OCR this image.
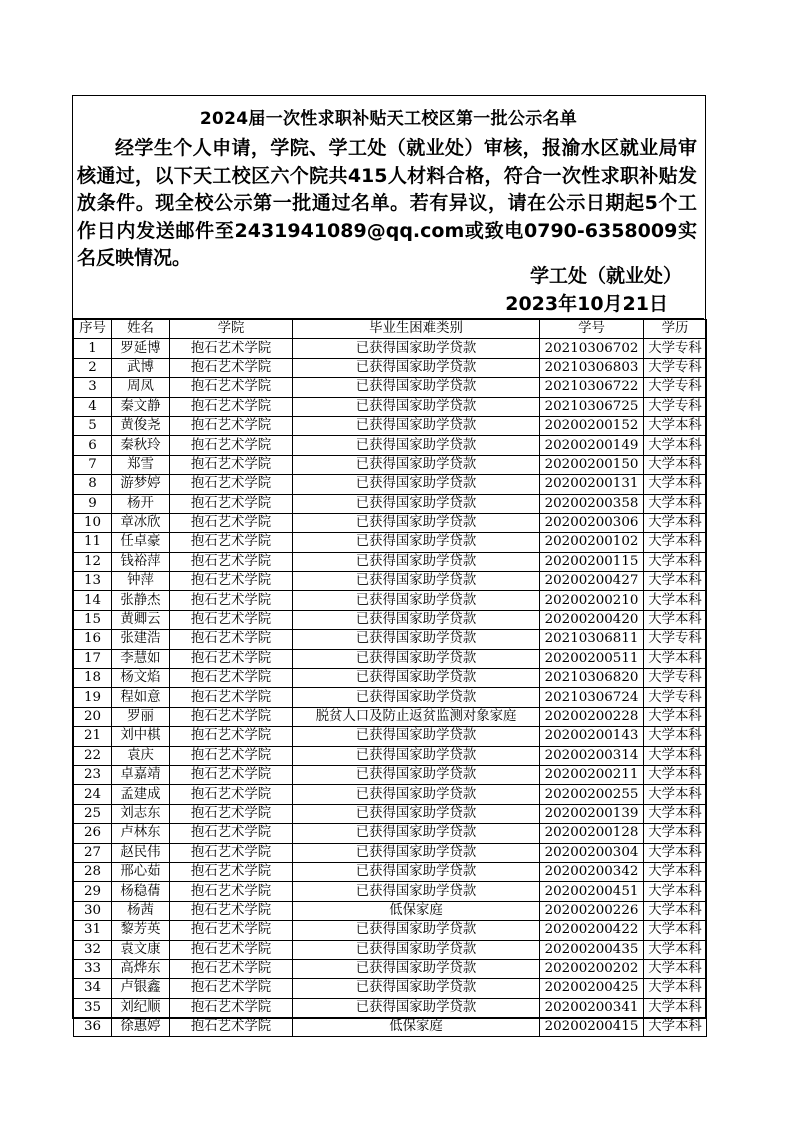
2024届一次性求职补贴天工校区第一批公示名单
经学生个人申请，学院、学工处（就业处）审核，报渝水区就业局审核通过，以下天工校区六个院共415人材料合格，符合一次性求职补贴发放条件。现全校公示第一批通过名单。若有异议，请在公示日期起5个工作日内发送邮件至2431941089@qq.com或致电0790-6358009实名反映情况。
学工处（就业处）
2023年10月21日
序号	姓名	学院	毕业生困难类别	学号	学历
1	罗延博	抱石艺术学院	已获得国家助学贷款	20210306702	大学专科
2	武博	抱石艺术学院	已获得国家助学贷款	20210306803	大学专科
3	周凤	抱石艺术学院	已获得国家助学贷款	20210306722	大学专科
4	秦文静	抱石艺术学院	已获得国家助学贷款	20210306725	大学专科
5	黄俊尧	抱石艺术学院	已获得国家助学贷款	20200200152	大学本科
6	秦秋玲	抱石艺术学院	已获得国家助学贷款	20200200149	大学本科
7	郑雪	抱石艺术学院	已获得国家助学贷款	20200200150	大学本科
8	游梦婷	抱石艺术学院	已获得国家助学贷款	20200200131	大学本科
9	杨开	抱石艺术学院	已获得国家助学贷款	20200200358	大学本科
10	章冰欣	抱石艺术学院	已获得国家助学贷款	20200200306	大学本科
11	任卓豪	抱石艺术学院	已获得国家助学贷款	20200200102	大学本科
12	钱裕萍	抱石艺术学院	已获得国家助学贷款	20200200115	大学本科
13	钟萍	抱石艺术学院	已获得国家助学贷款	20200200427	大学本科
14	张静杰	抱石艺术学院	已获得国家助学贷款	20200200210	大学本科
15	黄卿云	抱石艺术学院	已获得国家助学贷款	20200200420	大学本科
16	张建浩	抱石艺术学院	已获得国家助学贷款	20210306811	大学专科
17	李慧如	抱石艺术学院	已获得国家助学贷款	20200200511	大学本科
18	杨文焰	抱石艺术学院	已获得国家助学贷款	20210306820	大学专科
19	程如意	抱石艺术学院	已获得国家助学贷款	20210306724	大学专科
20	罗丽	抱石艺术学院	脱贫人口及防止返贫监测对象家庭	20200200228	大学本科
21	刘中棋	抱石艺术学院	已获得国家助学贷款	20200200143	大学本科
22	袁庆	抱石艺术学院	已获得国家助学贷款	20200200314	大学本科
23	卓嘉靖	抱石艺术学院	已获得国家助学贷款	20200200211	大学本科
24	孟建成	抱石艺术学院	已获得国家助学贷款	20200200255	大学本科
25	刘志东	抱石艺术学院	已获得国家助学贷款	20200200139	大学本科
26	卢林东	抱石艺术学院	已获得国家助学贷款	20200200128	大学本科
27	赵民伟	抱石艺术学院	已获得国家助学贷款	20200200304	大学本科
28	邢心茹	抱石艺术学院	已获得国家助学贷款	20200200342	大学本科
29	杨稳蒨	抱石艺术学院	已获得国家助学贷款	20200200451	大学本科
30	杨茜	抱石艺术学院	低保家庭	20200200226	大学本科
31	黎芳英	抱石艺术学院	已获得国家助学贷款	20200200422	大学本科
32	袁文康	抱石艺术学院	已获得国家助学贷款	20200200435	大学本科
33	高烨东	抱石艺术学院	已获得国家助学贷款	20200200202	大学本科
34	卢银鑫	抱石艺术学院	已获得国家助学贷款	20200200425	大学本科
35	刘纪顺	抱石艺术学院	已获得国家助学贷款	20200200341	大学本科
36	徐惠婷	抱石艺术学院	低保家庭	20200200415	大学本科
